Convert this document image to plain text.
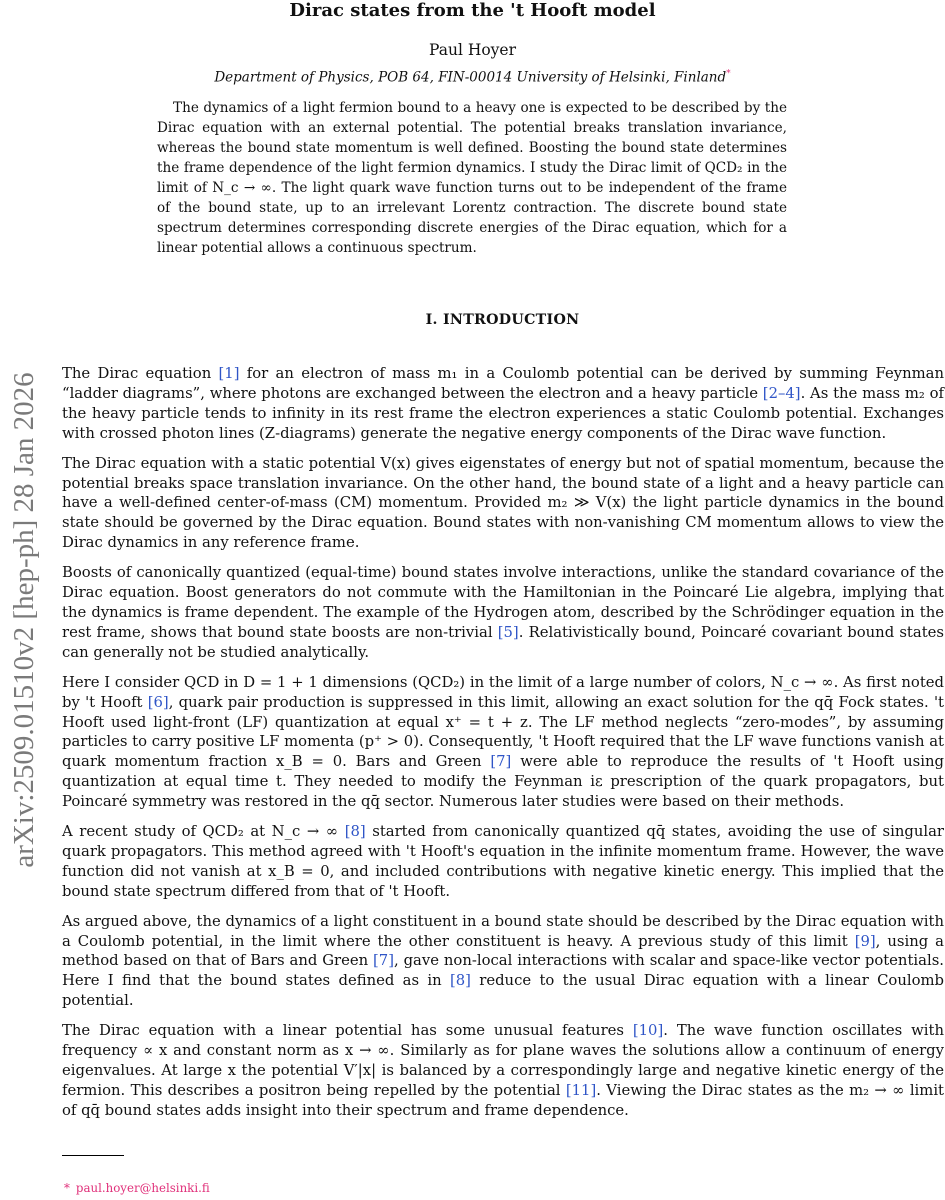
Dirac states from the 't Hooft model
Paul Hoyer
Department of Physics, POB 64, FIN-00014 University of Helsinki, Finland*
The dynamics of a light fermion bound to a heavy one is expected to be described by the Dirac equation with an external potential. The potential breaks translation invariance, whereas the bound state momentum is well defined. Boosting the bound state determines the frame dependence of the light fermion dynamics. I study the Dirac limit of QCD₂ in the limit of N_c → ∞. The light quark wave function turns out to be independent of the frame of the bound state, up to an irrelevant Lorentz contraction. The discrete bound state spectrum determines corresponding discrete energies of the Dirac equation, which for a linear potential allows a continuous spectrum.
arXiv:2509.01510v2 [hep-ph] 28 Jan 2026
I. INTRODUCTION

The Dirac equation [1] for an electron of mass m₁ in a Coulomb potential can be derived by summing Feynman “ladder diagrams”, where photons are exchanged between the electron and a heavy particle [2–4]. As the mass m₂ of the heavy particle tends to infinity in its rest frame the electron experiences a static Coulomb potential. Exchanges with crossed photon lines (Z-diagrams) generate the negative energy components of the Dirac wave function.

The Dirac equation with a static potential V(x) gives eigenstates of energy but not of spatial momentum, because the potential breaks space translation invariance. On the other hand, the bound state of a light and a heavy particle can have a well-defined center-of-mass (CM) momentum. Provided m₂ ≫ V(x) the light particle dynamics in the bound state should be governed by the Dirac equation. Bound states with non-vanishing CM momentum allows to view the Dirac dynamics in any reference frame.

Boosts of canonically quantized (equal-time) bound states involve interactions, unlike the standard covariance of the Dirac equation. Boost generators do not commute with the Hamiltonian in the Poincaré Lie algebra, implying that the dynamics is frame dependent. The example of the Hydrogen atom, described by the Schrödinger equation in the rest frame, shows that bound state boosts are non-trivial [5]. Relativistically bound, Poincaré covariant bound states can generally not be studied analytically.

Here I consider QCD in D = 1 + 1 dimensions (QCD₂) in the limit of a large number of colors, N_c → ∞. As first noted by 't Hooft [6], quark pair production is suppressed in this limit, allowing an exact solution for the qq̄ Fock states. 't Hooft used light-front (LF) quantization at equal x⁺ = t + z. The LF method neglects “zero-modes”, by assuming particles to carry positive LF momenta (p⁺ > 0). Consequently, 't Hooft required that the LF wave functions vanish at quark momentum fraction x_B = 0. Bars and Green [7] were able to reproduce the results of 't Hooft using quantization at equal time t. They needed to modify the Feynman iε prescription of the quark propagators, but Poincaré symmetry was restored in the qq̄ sector. Numerous later studies were based on their methods.

A recent study of QCD₂ at N_c → ∞ [8] started from canonically quantized qq̄ states, avoiding the use of singular quark propagators. This method agreed with 't Hooft's equation in the infinite momentum frame. However, the wave function did not vanish at x_B = 0, and included contributions with negative kinetic energy. This implied that the bound state spectrum differed from that of 't Hooft.

As argued above, the dynamics of a light constituent in a bound state should be described by the Dirac equation with a Coulomb potential, in the limit where the other constituent is heavy. A previous study of this limit [9], using a method based on that of Bars and Green [7], gave non-local interactions with scalar and space-like vector potentials. Here I find that the bound states defined as in [8] reduce to the usual Dirac equation with a linear Coulomb potential.

The Dirac equation with a linear potential has some unusual features [10]. The wave function oscillates with frequency ∝ x and constant norm as x → ∞. Similarly as for plane waves the solutions allow a continuum of energy eigenvalues. At large x the potential V′|x| is balanced by a correspondingly large and negative kinetic energy of the fermion. This describes a positron being repelled by the potential [11]. Viewing the Dirac states as the m₂ → ∞ limit of qq̄ bound states adds insight into their spectrum and frame dependence.

* paul.hoyer@helsinki.fi
